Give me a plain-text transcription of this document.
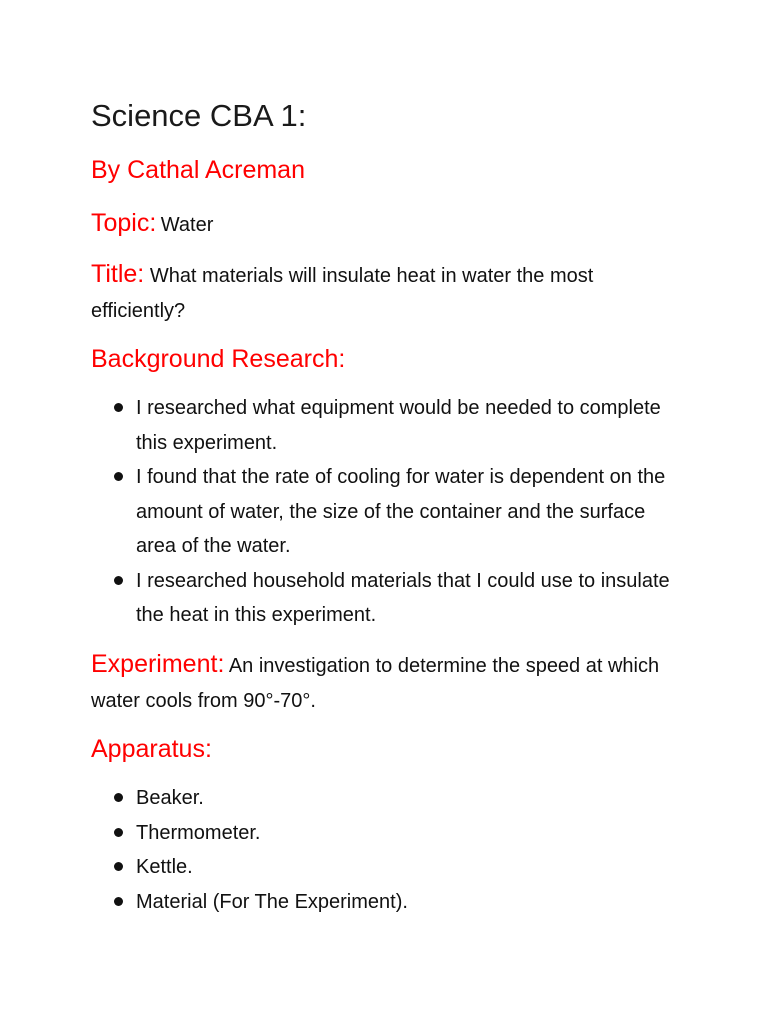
Science CBA 1:
By Cathal Acreman
Topic: Water
Title: What materials will insulate heat in water the most efficiently?
Background Research:
I researched what equipment would be needed to complete this experiment.
I found that the rate of cooling for water is dependent on the amount of water, the size of the container and the surface area of the water.
I researched household materials that I could use to insulate the heat in this experiment.
Experiment: An investigation to determine the speed at which water cools from 90°-70°.
Apparatus:
Beaker.
Thermometer.
Kettle.
Material (For The Experiment).
